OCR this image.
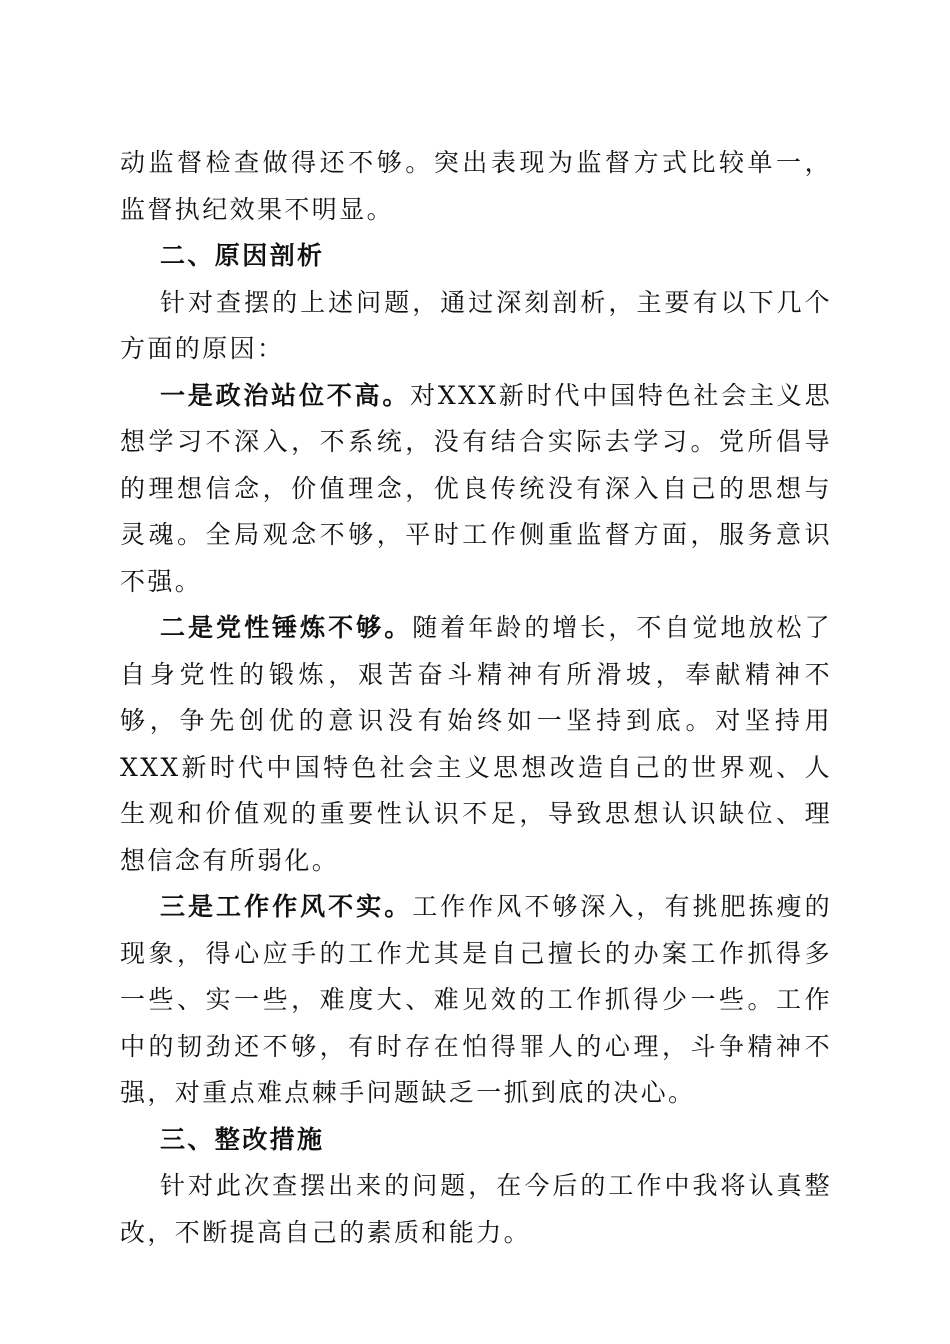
动监督检查做得还不够。突出表现为监督方式比较单一，监督执纪效果不明显。

二、原因剖析

针对查摆的上述问题，通过深刻剖析，主要有以下几个方面的原因：

一是政治站位不高。对XXX新时代中国特色社会主义思想学习不深入，不系统，没有结合实际去学习。党所倡导的理想信念，价值理念，优良传统没有深入自己的思想与灵魂。全局观念不够，平时工作侧重监督方面，服务意识不强。

二是党性锤炼不够。随着年龄的增长，不自觉地放松了自身党性的锻炼，艰苦奋斗精神有所滑坡，奉献精神不够，争先创优的意识没有始终如一坚持到底。对坚持用XXX新时代中国特色社会主义思想改造自己的世界观、人生观和价值观的重要性认识不足，导致思想认识缺位、理想信念有所弱化。

三是工作作风不实。工作作风不够深入，有挑肥拣瘦的现象，得心应手的工作尤其是自己擅长的办案工作抓得多一些、实一些，难度大、难见效的工作抓得少一些。工作中的韧劲还不够，有时存在怕得罪人的心理，斗争精神不强，对重点难点棘手问题缺乏一抓到底的决心。

三、整改措施

针对此次查摆出来的问题，在今后的工作中我将认真整改，不断提高自己的素质和能力。
